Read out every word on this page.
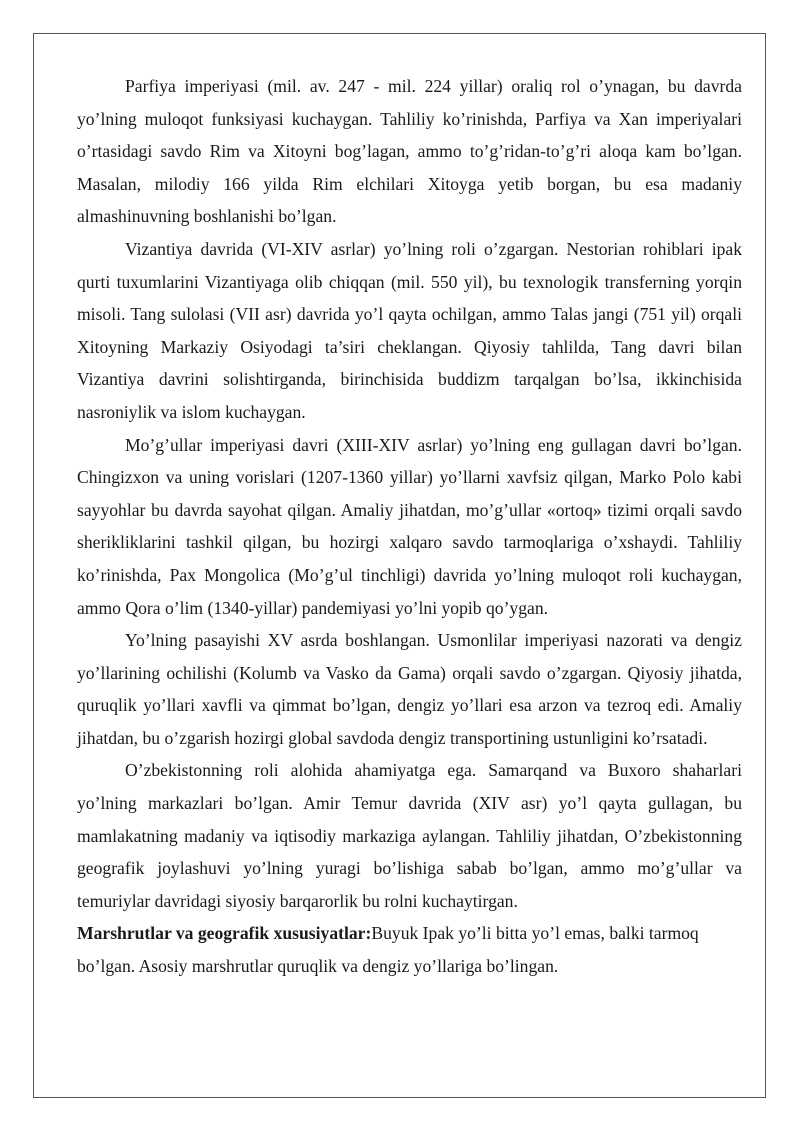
Parfiya imperiyasi (mil. av. 247 - mil. 224 yillar) oraliq rol o’ynagan, bu davrda yo’lning muloqot funksiyasi kuchaygan. Tahliliy ko’rinishda, Parfiya va Xan imperiyalari o’rtasidagi savdo Rim va Xitoyni bog’lagan, ammo to’g’ridan-to’g’ri aloqa kam bo’lgan. Masalan, milodiy 166 yilda Rim elchilari Xitoyga yetib borgan, bu esa madaniy almashinuvning boshlanishi bo’lgan.

Vizantiya davrida (VI-XIV asrlar) yo’lning roli o’zgargan. Nestorian rohiblari ipak qurti tuxumlarini Vizantiyaga olib chiqqan (mil. 550 yil), bu texnologik transferning yorqin misoli. Tang sulolasi (VII asr) davrida yo’l qayta ochilgan, ammo Talas jangi (751 yil) orqali Xitoyning Markaziy Osiyodagi ta’siri cheklangan. Qiyosiy tahlilda, Tang davri bilan Vizantiya davrini solishtirganda, birinchisida buddizm tarqalgan bo’lsa, ikkinchisida nasroniylik va islom kuchaygan.

Mo’g’ullar imperiyasi davri (XIII-XIV asrlar) yo’lning eng gullagan davri bo’lgan. Chingizxon va uning vorislari (1207-1360 yillar) yo’llarni xavfsiz qilgan, Marko Polo kabi sayyohlar bu davrda sayohat qilgan. Amaliy jihatdan, mo’g’ullar «ortoq» tizimi orqali savdo sherikliklarini tashkil qilgan, bu hozirgi xalqaro savdo tarmoqlariga o’xshaydi. Tahliliy ko’rinishda, Pax Mongolica (Mo’g’ul tinchligi) davrida yo’lning muloqot roli kuchaygan, ammo Qora o’lim (1340-yillar) pandemiyasi yo’lni yopib qo’ygan.

Yo’lning pasayishi XV asrda boshlangan. Usmonlilar imperiyasi nazorati va dengiz yo’llarining ochilishi (Kolumb va Vasko da Gama) orqali savdo o’zgargan. Qiyosiy jihatda, quruqlik yo’llari xavfli va qimmat bo’lgan, dengiz yo’llari esa arzon va tezroq edi. Amaliy jihatdan, bu o’zgarish hozirgi global savdoda dengiz transportining ustunligini ko’rsatadi.

O’zbekistonning roli alohida ahamiyatga ega. Samarqand va Buxoro shaharlari yo’lning markazlari bo’lgan. Amir Temur davrida (XIV asr) yo’l qayta gullagan, bu mamlakatning madaniy va iqtisodiy markaziga aylangan. Tahliliy jihatdan, O’zbekistonning geografik joylashuvi yo’lning yuragi bo’lishiga sabab bo’lgan, ammo mo’g’ullar va temuriylar davridagi siyosiy barqarorlik bu rolni kuchaytirgan.

Marshrutlar va geografik xususiyatlar:Buyuk Ipak yo’li bitta yo’l emas, balki tarmoq bo’lgan. Asosiy marshrutlar quruqlik va dengiz yo’llariga bo’lingan.
